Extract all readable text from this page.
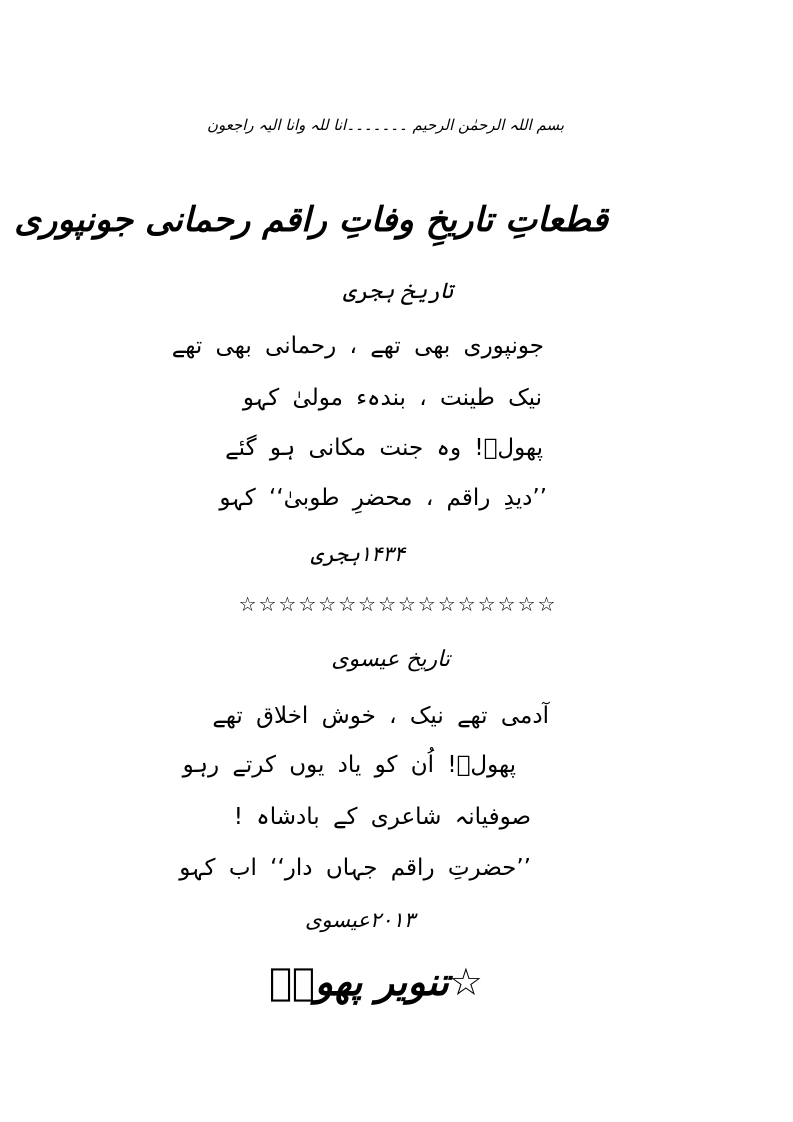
بسم اللہ الرحمٰن الرحیم ۔۔۔۔۔۔۔انا للہ وانا الیہ راجعون
قطعاتِ تاریخِ وفاتِ راقم رحمانی جونپوری
تاریخ ہجری
جونپوری بھی تھے ، رحمانی بھی تھے
نیک طینت ، بندہء مولیٰ کہو
پھولؔ! وہ جنت مکانی ہو گئے
’’دیدِ راقم ، محضرِ طوبیٰ‘‘ کہو
۱۴۳۴ہجری
☆☆☆☆☆☆☆☆☆☆☆☆☆☆☆☆
تاریخ عیسوی
آدمی تھے نیک ، خوش اخلاق تھے
پھولؔ! اُن کو یاد یوں کرتے رہو
صوفیانہ شاعری کے بادشاہ !
’’حضرتِ راقم جہاں دار‘‘ اب کہو
۲۰۱۳عیسوی
☆تنویر پھولؔ
